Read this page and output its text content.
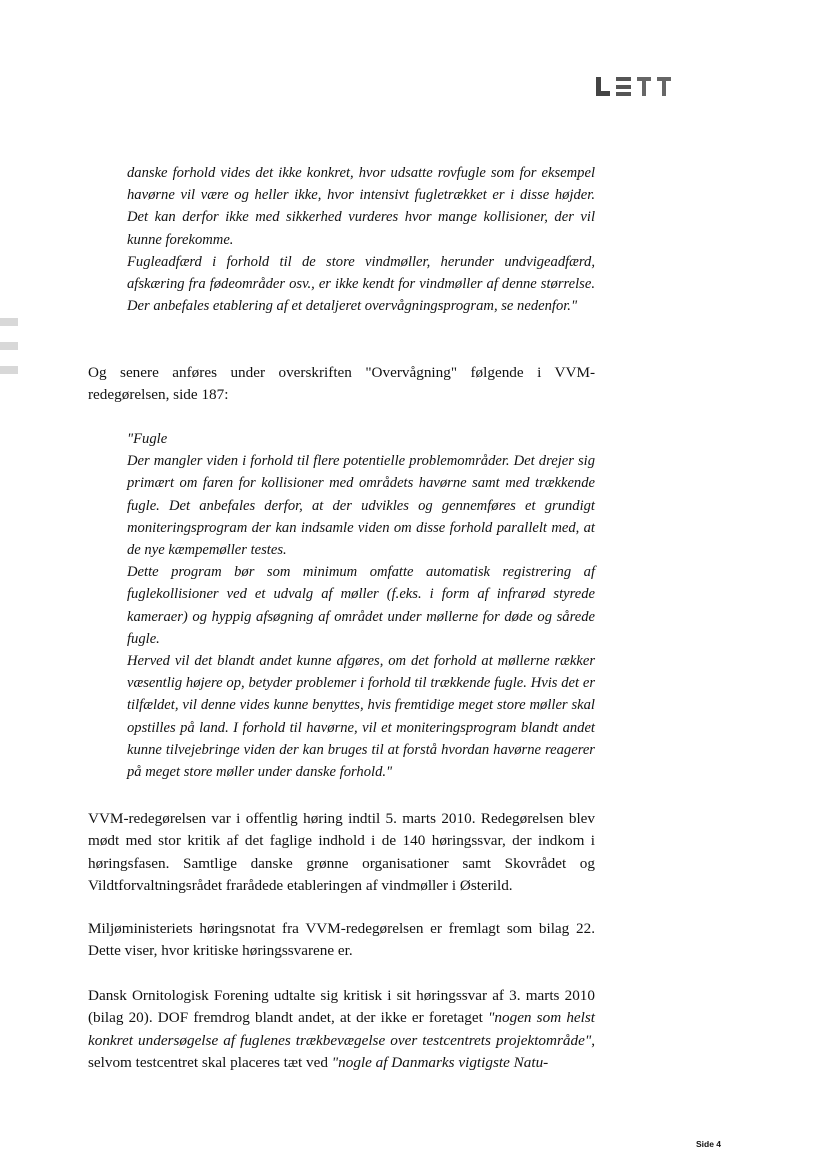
danske forhold vides det ikke konkret, hvor udsatte rovfugle som for eksempel havørne vil være og heller ikke, hvor intensivt fugletrækket er i disse højder. Det kan derfor ikke med sikkerhed vurderes hvor mange kollisioner, der vil kunne forekomme.

Fugleadfærd i forhold til de store vindmøller, herunder undvigeadfærd, afskæring fra fødeområder osv., er ikke kendt for vindmøller af denne størrelse. Der anbefales etablering af et detaljeret overvågningsprogram, se nedenfor."

Og senere anføres under overskriften "Overvågning" følgende i VVM-redegørelsen, side 187:

"Fugle

Der mangler viden i forhold til flere potentielle problemområder. Det drejer sig primært om faren for kollisioner med områdets havørne samt med trækkende fugle. Det anbefales derfor, at der udvikles og gennemføres et grundigt moniteringsprogram der kan indsamle viden om disse forhold parallelt med, at de nye kæmpemøller testes.

Dette program bør som minimum omfatte automatisk registrering af fuglekollisioner ved et udvalg af møller (f.eks. i form af infrarød styrede kameraer) og hyppig afsøgning af området under møllerne for døde og sårede fugle.

Herved vil det blandt andet kunne afgøres, om det forhold at møllerne rækker væsentlig højere op, betyder problemer i forhold til trækkende fugle. Hvis det er tilfældet, vil denne vides kunne benyttes, hvis fremtidige meget store møller skal opstilles på land. I forhold til havørne, vil et moniteringsprogram blandt andet kunne tilvejebringe viden der kan bruges til at forstå hvordan havørne reagerer på meget store møller under danske forhold."

VVM-redegørelsen var i offentlig høring indtil 5. marts 2010. Redegørelsen blev mødt med stor kritik af det faglige indhold i de 140 høringssvar, der indkom i høringsfasen. Samtlige danske grønne organisationer samt Skovrådet og Vildtforvaltningsrådet frarådede etableringen af vindmøller i Østerild.

Miljøministeriets høringsnotat fra VVM-redegørelsen er fremlagt som bilag 22. Dette viser, hvor kritiske høringssvarene er.

Dansk Ornitologisk Forening udtalte sig kritisk i sit høringssvar af 3. marts 2010 (bilag 20). DOF fremdrog blandt andet, at der ikke er foretaget "nogen som helst konkret undersøgelse af fuglenes trækbevægelse over testcentrets projektområde", selvom testcentret skal placeres tæt ved "nogle af Danmarks vigtigste Natu-

Side 4
